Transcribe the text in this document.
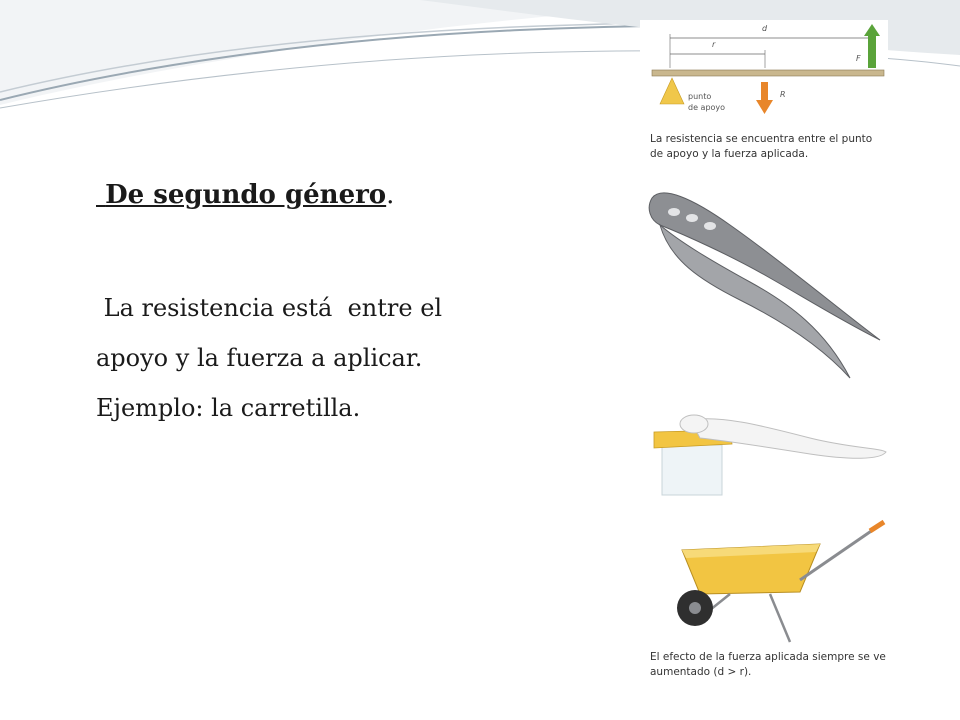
De segundo género.
La resistencia está  entre el
apoyo y la fuerza a aplicar.
Ejemplo: la carretilla.
d
r
F
R
punto
de apoyo
La resistencia se encuentra entre el punto de apoyo y la fuerza aplicada.
El efecto de la fuerza aplicada siempre se ve aumentado (d > r).
